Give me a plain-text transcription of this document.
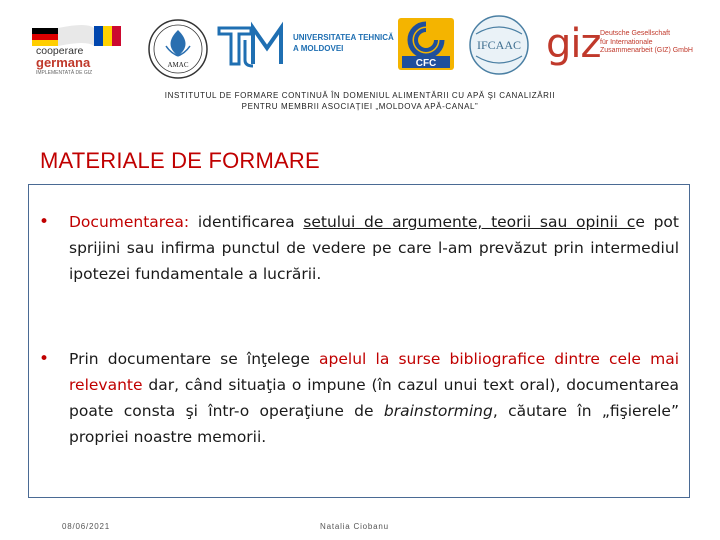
cooperare
germana
IMPLEMENTATĂ DE GIZ
AMAC
UNIVERSITATEA TEHNICĂ
A MOLDOVEI
CFC
IFCAAC giz Deutsche Gesellschaft
für Internationale
Zusammenarbeit (GIZ) GmbH
INSTITUTUL DE FORMARE CONTINUĂ ÎN DOMENIUL ALIMENTĂRII CU APĂ ŞI CANALIZĂRII
PENTRU MEMBRII ASOCIAȚIEI „MOLDOVA APĂ-CANAL”
MATERIALE DE FORMARE
• Documentarea: identificarea setului de argumente, teorii sau opinii ce pot sprijini sau infirma punctul de vedere pe care l-am prevăzut prin intermediul ipotezei fundamentale a lucrării.
• Prin documentare se înţelege apelul la surse bibliografice dintre cele mai relevante dar, când situaţia o impune (în cazul unui text oral), documentarea poate consta şi într-o operaţiune de brainstorming, căutare în „fişierele” propriei noastre memorii.
08/06/2021	Natalia Ciobanu
